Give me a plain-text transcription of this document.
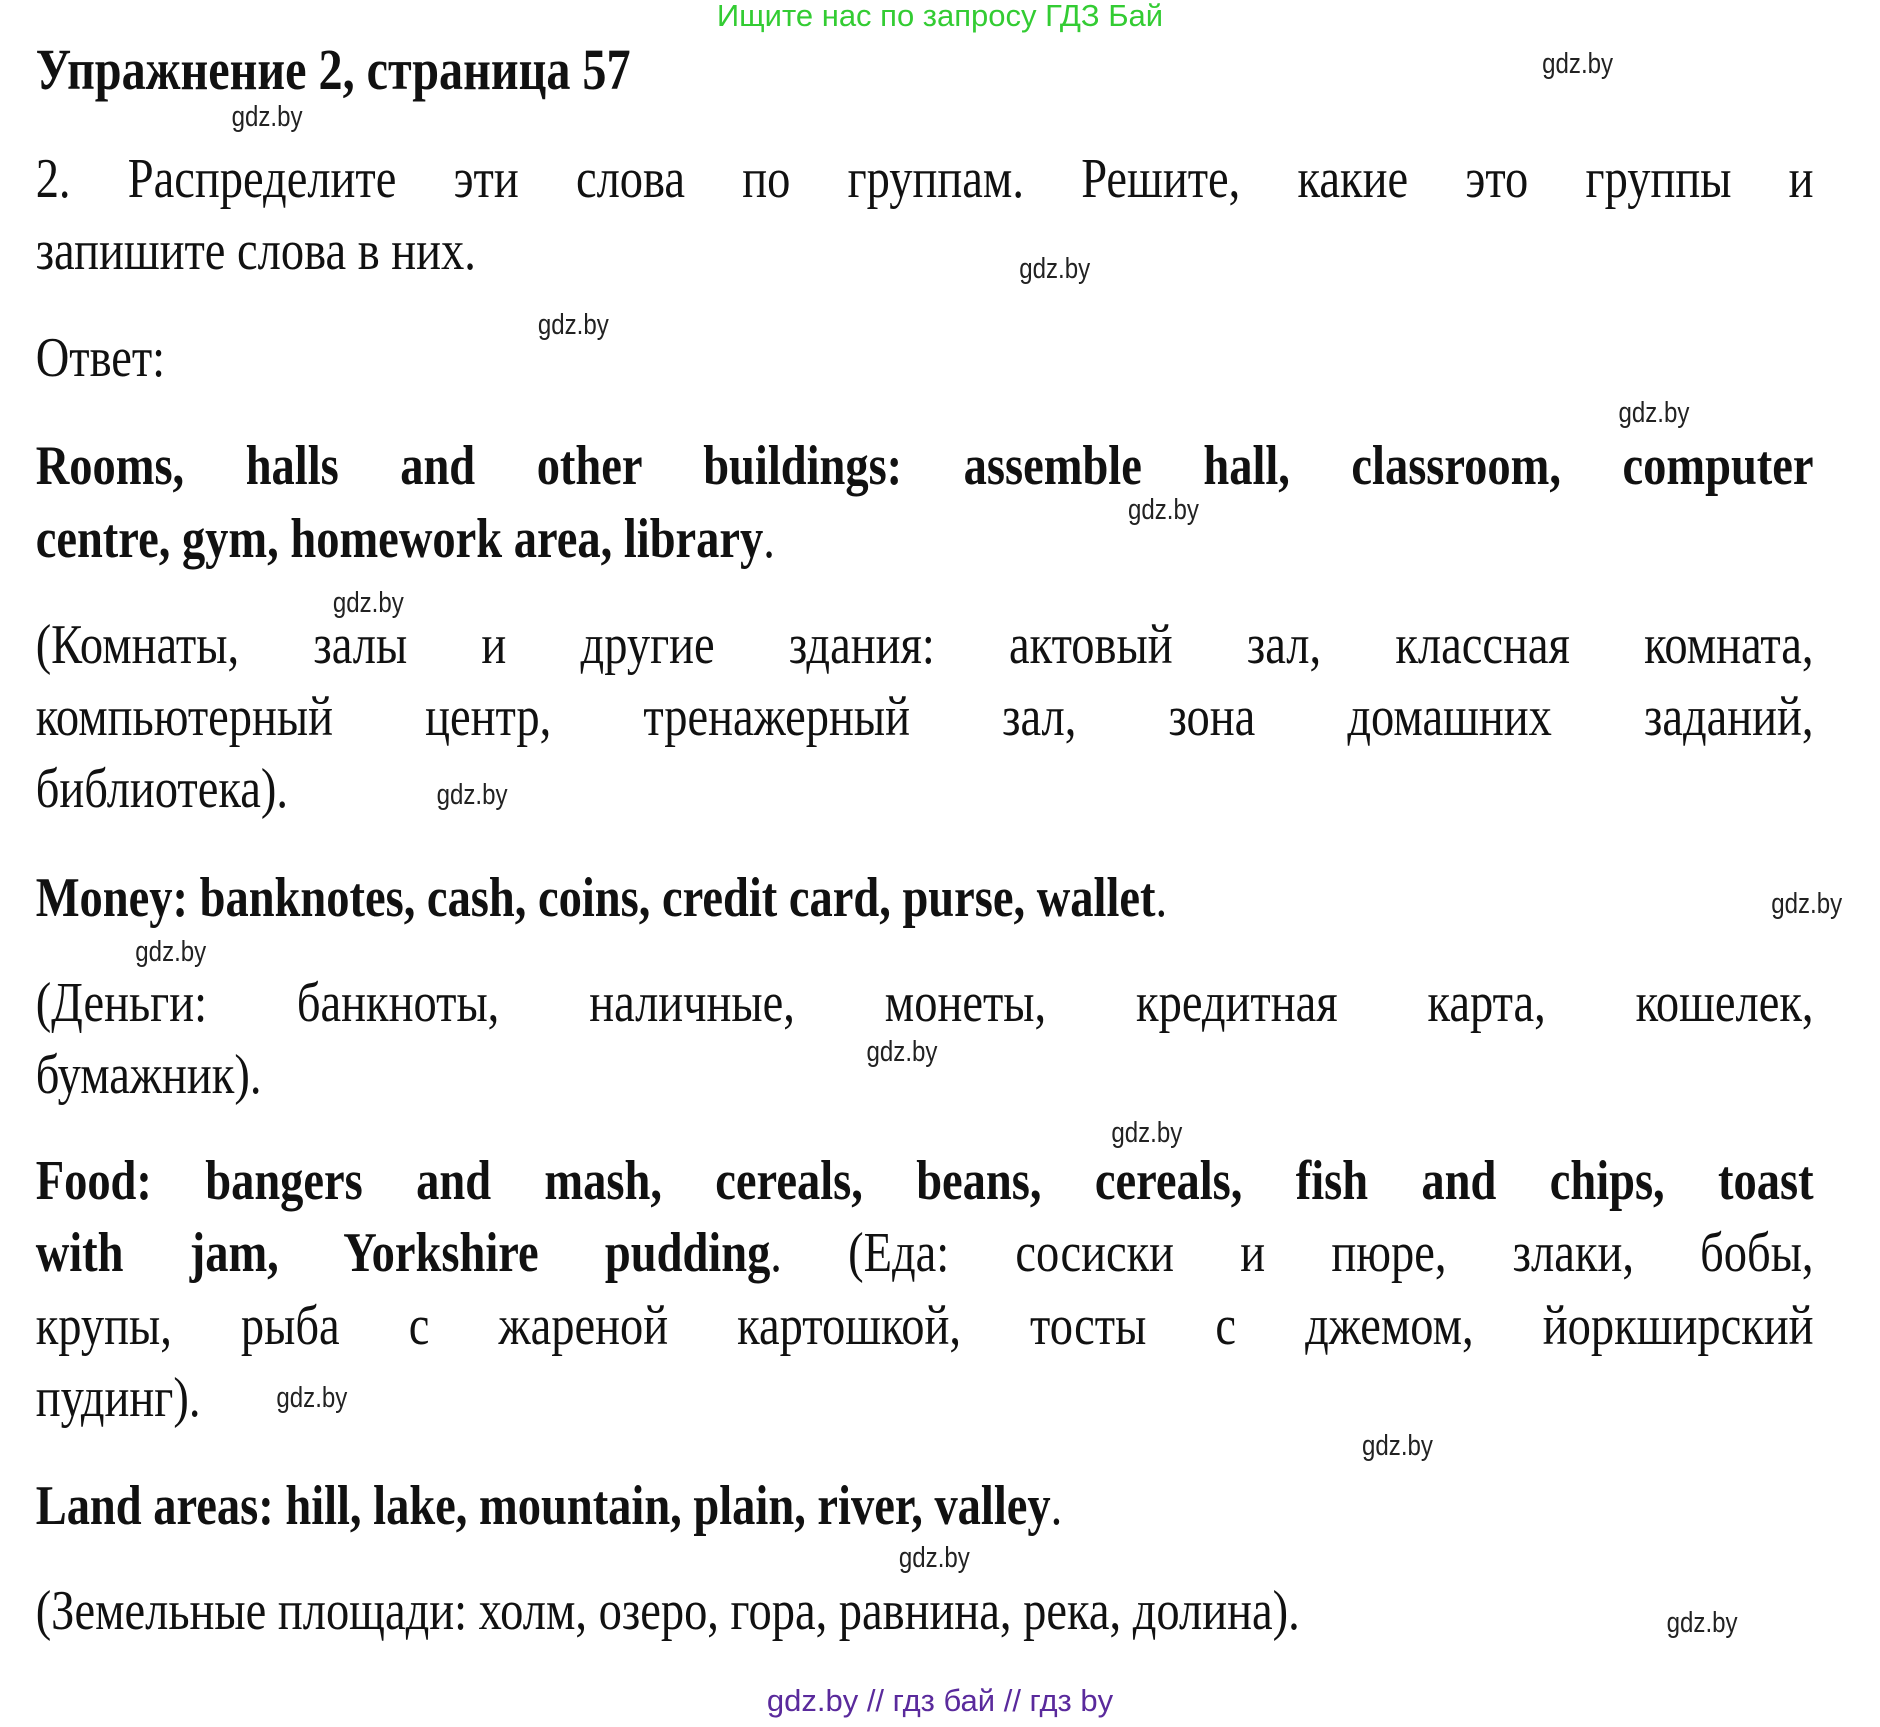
Ищите нас по запросу ГДЗ Бай
Упражнение 2, страница 57
2. Распределите эти слова по группам. Решите, какие это группы и
запишите слова в них.
Ответ:
Rooms, halls and other buildings: assemble hall, classroom, computer
centre, gym, homework area, library.
(Комнаты, залы и другие здания: актовый зал, классная комната,
компьютерный центр, тренажерный зал, зона домашних заданий,
библиотека).
Money: banknotes, cash, coins, credit card, purse, wallet.
(Деньги: банкноты, наличные, монеты, кредитная карта, кошелек,
бумажник).
Food: bangers and mash, cereals, beans, cereals, fish and chips, toast
with jam, Yorkshire pudding. (Еда: сосиски и пюре, злаки, бобы,
крупы, рыба с жареной картошкой, тосты с джемом, йоркширский
пудинг).
Land areas: hill, lake, mountain, plain, river, valley.
(Земельные площади: холм, озеро, гора, равнина, река, долина).
gdz.by
gdz.by
gdz.by
gdz.by
gdz.by
gdz.by
gdz.by
gdz.by
gdz.by
gdz.by
gdz.by
gdz.by
gdz.by
gdz.by
gdz.by
gdz.by
gdz.by // гдз бай // гдз by
